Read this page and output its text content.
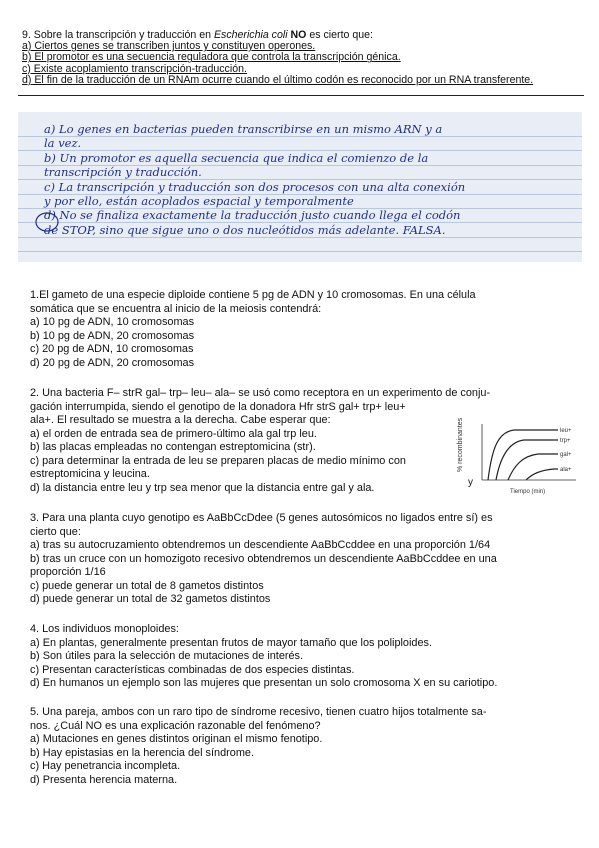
9. Sobre la transcripción y traducción en Escherichia coli NO es cierto que:
a) Ciertos genes se transcriben juntos y constituyen operones.
b) El promotor es una secuencia reguladora que controla la transcripción génica.
c) Existe acoplamiento transcripción-traducción.
d) El fin de la traducción de un RNAm ocurre cuando el último codón es reconocido por un RNA transferente.
a) Lo genes en bacterias pueden transcribirse en un mismo ARN y a
la vez.
b) Un promotor es aquella secuencia que indica el comienzo de la
transcripción y traducción.
c) La transcripción y traducción son dos procesos con una alta conexión
y por ello, están acoplados espacial y temporalmente
d) No se finaliza exactamente la traducción justo cuando llega el codón
de STOP, sino que sigue uno o dos nucleótidos más adelante. FALSA.
1.El gameto de una especie diploide contiene 5 pg de ADN y 10 cromosomas. En una célula
somática que se encuentra al inicio de la meiosis contendrá:
a) 10 pg de ADN, 10 cromosomas
b) 10 pg de ADN, 20 cromosomas
c) 20 pg de ADN, 10 cromosomas
d) 20 pg de ADN, 20 cromosomas
2. Una bacteria F– strR gal– trp– leu– ala– se usó como receptora en un experimento de conju-
gación interrumpida, siendo el genotipo de la donadora Hfr strS gal+ trp+ leu+
ala+. El resultado se muestra a la derecha. Cabe esperar que:
a) el orden de entrada sea de primero-último ala gal trp leu.
b) las placas empleadas no contengan estreptomicina (str).
c) para determinar la entrada de leu se preparen placas de medio mínimo con
estreptomicina y leucina.
d) la distancia entre leu y trp sea menor que la distancia entre gal y ala.
% recombinantes
y
leu+
trp+
gal+
ala+
Tiempo (min)
3. Para una planta cuyo genotipo es AaBbCcDdee (5 genes autosómicos no ligados entre sí) es
cierto que:
a) tras su autocruzamiento obtendremos un descendiente AaBbCcddee en una proporción 1/64
b) tras un cruce con un homozigoto recesivo obtendremos un descendiente AaBbCcddee en una
proporción 1/16
c) puede generar un total de 8 gametos distintos
d) puede generar un total de 32 gametos distintos
4. Los individuos monoploides:
a) En plantas, generalmente presentan frutos de mayor tamaño que los poliploides.
b) Son útiles para la selección de mutaciones de interés.
c) Presentan características combinadas de dos especies distintas.
d) En humanos un ejemplo son las mujeres que presentan un solo cromosoma X en su cariotipo.
5. Una pareja, ambos con un raro tipo de síndrome recesivo, tienen cuatro hijos totalmente sa-
nos. ¿Cuál NO es una explicación razonable del fenómeno?
a) Mutaciones en genes distintos originan el mismo fenotipo.
b) Hay epistasias en la herencia del síndrome.
c) Hay penetrancia incompleta.
d) Presenta herencia materna.
